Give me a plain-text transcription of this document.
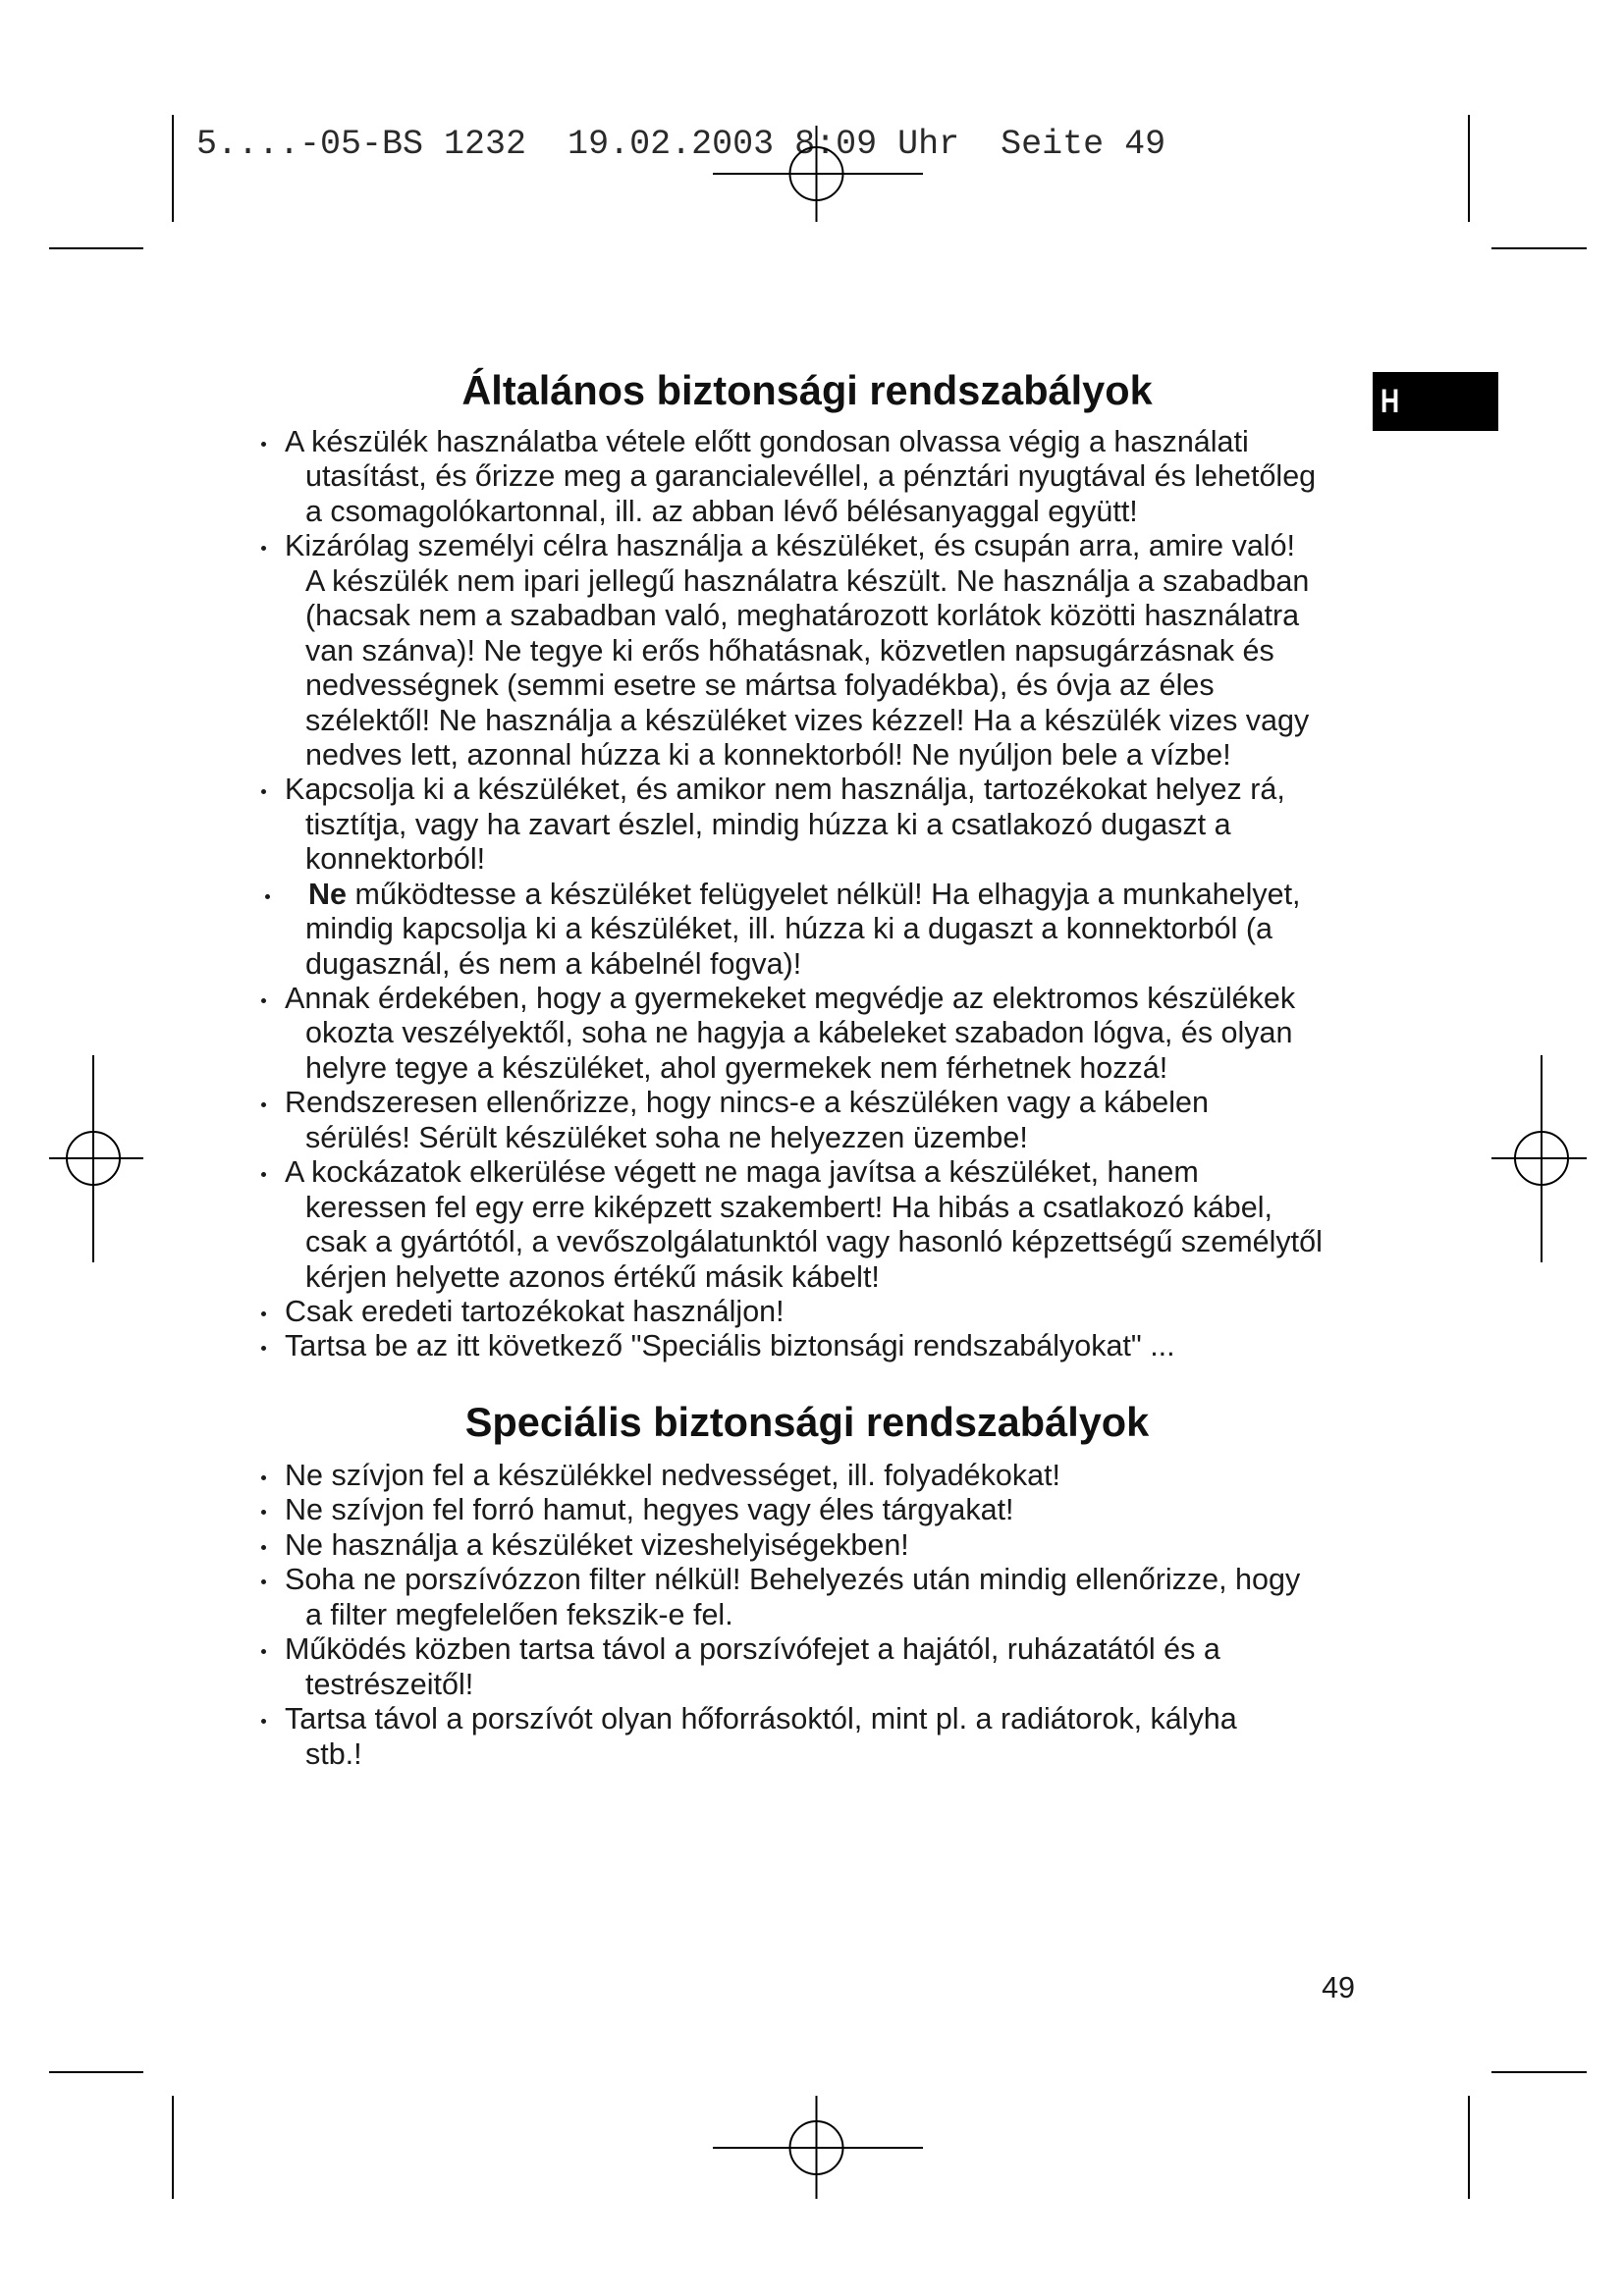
5....-05-BS 1232  19.02.2003 8:09 Uhr  Seite 49
H
Általános biztonsági rendszabályok
A készülék használatba vétele előtt gondosan olvassa végig a használati
utasítást, és őrizze meg a garancialevéllel, a pénztári nyugtával és lehetőleg
a csomagolókartonnal, ill. az abban lévő bélésanyaggal együtt!
Kizárólag személyi célra használja a készüléket, és csupán arra, amire való!
A készülék nem ipari jellegű használatra készült. Ne használja a szabadban
(hacsak nem a szabadban való, meghatározott korlátok közötti használatra
van szánva)! Ne tegye ki erős hőhatásnak, közvetlen napsugárzásnak és
nedvességnek (semmi esetre se mártsa folyadékba), és óvja az éles
szélektől! Ne használja a készüléket vizes kézzel! Ha a készülék vizes vagy
nedves lett, azonnal húzza ki a konnektorból! Ne nyúljon bele a vízbe!
Kapcsolja ki a készüléket, és amikor nem használja, tartozékokat helyez rá,
tisztítja, vagy ha zavart észlel, mindig húzza ki a csatlakozó dugaszt a
konnektorból!
Ne működtesse a készüléket felügyelet nélkül! Ha elhagyja a munkahelyet,
mindig kapcsolja ki a készüléket, ill. húzza ki a dugaszt a konnektorból (a
dugasznál, és nem a kábelnél fogva)!
Annak érdekében, hogy a gyermekeket megvédje az elektromos készülékek
okozta veszélyektől, soha ne hagyja a kábeleket szabadon lógva, és olyan
helyre tegye a készüléket, ahol gyermekek nem férhetnek hozzá!
Rendszeresen ellenőrizze, hogy nincs-e a készüléken vagy a kábelen
sérülés! Sérült készüléket soha ne helyezzen üzembe!
A kockázatok elkerülése végett ne maga javítsa a készüléket, hanem
keressen fel egy erre kiképzett szakembert! Ha hibás a csatlakozó kábel,
csak a gyártótól, a vevőszolgálatunktól vagy hasonló képzettségű személytől
kérjen helyette azonos értékű másik kábelt!
Csak eredeti tartozékokat használjon!
Tartsa be az itt következő "Speciális biztonsági rendszabályokat" ...
Speciális biztonsági rendszabályok
Ne szívjon fel a készülékkel nedvességet, ill. folyadékokat!
Ne szívjon fel forró hamut, hegyes vagy éles tárgyakat!
Ne használja a készüléket vizeshelyiségekben!
Soha ne porszívózzon filter nélkül! Behelyezés után mindig ellenőrizze, hogy
a filter megfelelően fekszik-e fel.
Működés közben tartsa távol a porszívófejet a hajától, ruházatától és a
testrészeitől!
Tartsa távol a porszívót olyan hőforrásoktól, mint pl. a radiátorok, kályha
stb.!
49
